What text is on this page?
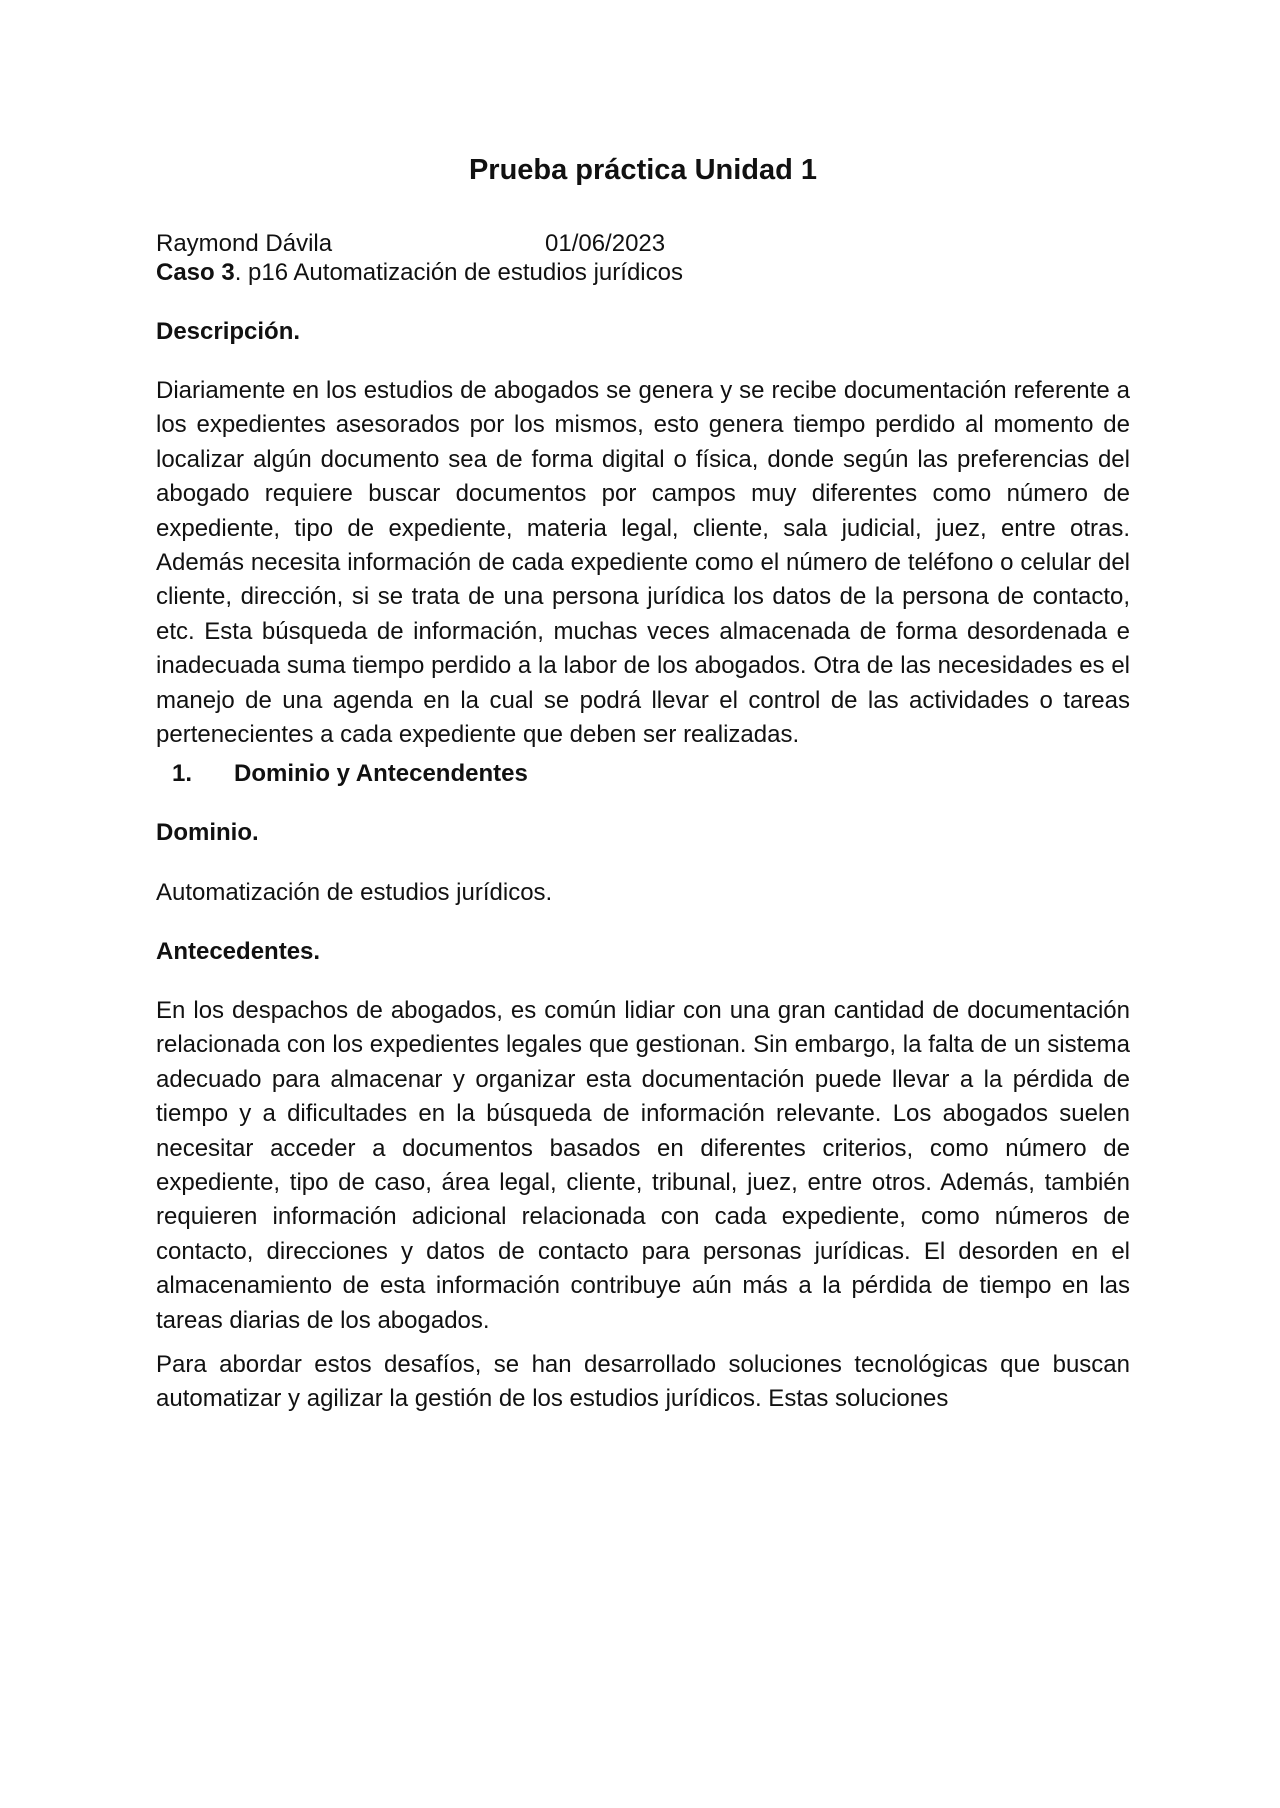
Prueba práctica Unidad 1
Raymond Dávila	01/06/2023

Caso 3. p16 Automatización de estudios jurídicos

Descripción.

Diariamente en los estudios de abogados se genera y se recibe documentación referente a los expedientes asesorados por los mismos, esto genera tiempo perdido al momento de localizar algún documento sea de forma digital o física, donde según las preferencias del abogado requiere buscar documentos por campos muy diferentes como número de expediente, tipo de expediente, materia legal, cliente, sala judicial, juez, entre otras. Además necesita información de cada expediente como el número de teléfono o celular del cliente, dirección, si se trata de una persona jurídica los datos de la persona de contacto, etc. Esta búsqueda de información, muchas veces almacenada de forma desordenada e inadecuada suma tiempo perdido a la labor de los abogados. Otra de las necesidades es el manejo de una agenda en la cual se podrá llevar el control de las actividades o tareas pertenecientes a cada expediente que deben ser realizadas.

1. Dominio y Antecendentes

Dominio.

Automatización de estudios jurídicos.

Antecedentes.

En los despachos de abogados, es común lidiar con una gran cantidad de documentación relacionada con los expedientes legales que gestionan. Sin embargo, la falta de un sistema adecuado para almacenar y organizar esta documentación puede llevar a la pérdida de tiempo y a dificultades en la búsqueda de información relevante. Los abogados suelen necesitar acceder a documentos basados en diferentes criterios, como número de expediente, tipo de caso, área legal, cliente, tribunal, juez, entre otros. Además, también requieren información adicional relacionada con cada expediente, como números de contacto, direcciones y datos de contacto para personas jurídicas. El desorden en el almacenamiento de esta información contribuye aún más a la pérdida de tiempo en las tareas diarias de los abogados.

Para abordar estos desafíos, se han desarrollado soluciones tecnológicas que buscan automatizar y agilizar la gestión de los estudios jurídicos. Estas soluciones
